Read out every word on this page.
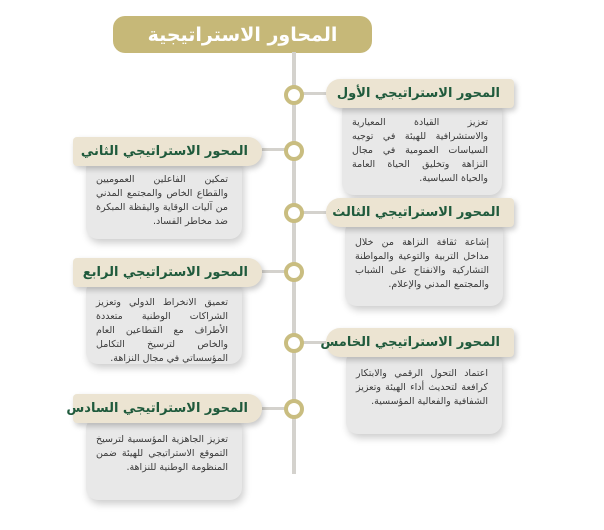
المحاور الاستراتيجية

تعزيز القيادة المعيارية والاستشرافية للهيئة في توجيه السياسات العمومية في مجال النزاهة وتخليق الحياة العامة والحياة السياسية.

المحور الاستراتيجي الأول

تمكين الفاعلين العموميين والقطاع الخاص والمجتمع المدني من آليات الوقاية واليقظة المبكرة ضد مخاطر الفساد.

المحور الاستراتيجي الثاني

إشاعة ثقافة النزاهة من خلال مداخل التربية والتوعية والمواطنة التشاركية والانفتاح على الشباب والمجتمع المدني والإعلام.

المحور الاستراتيجي الثالث

تعميق الانخراط الدولي وتعزيز الشراكات الوطنية متعددة الأطراف مع القطاعين العام والخاص لترسيخ التكامل المؤسساتي في مجال النزاهة.

المحور الاستراتيجي الرابع

اعتماد التحول الرقمي والابتكار كرافعة لتحديث أداء الهيئة وتعزيز الشفافية والفعالية المؤسسية.

المحور الاستراتيجي الخامس

تعزيز الجاهزية المؤسسية لترسيخ التموقع الاستراتيجي للهيئة ضمن المنظومة الوطنية للنزاهة.

المحور الاستراتيجي السادس
